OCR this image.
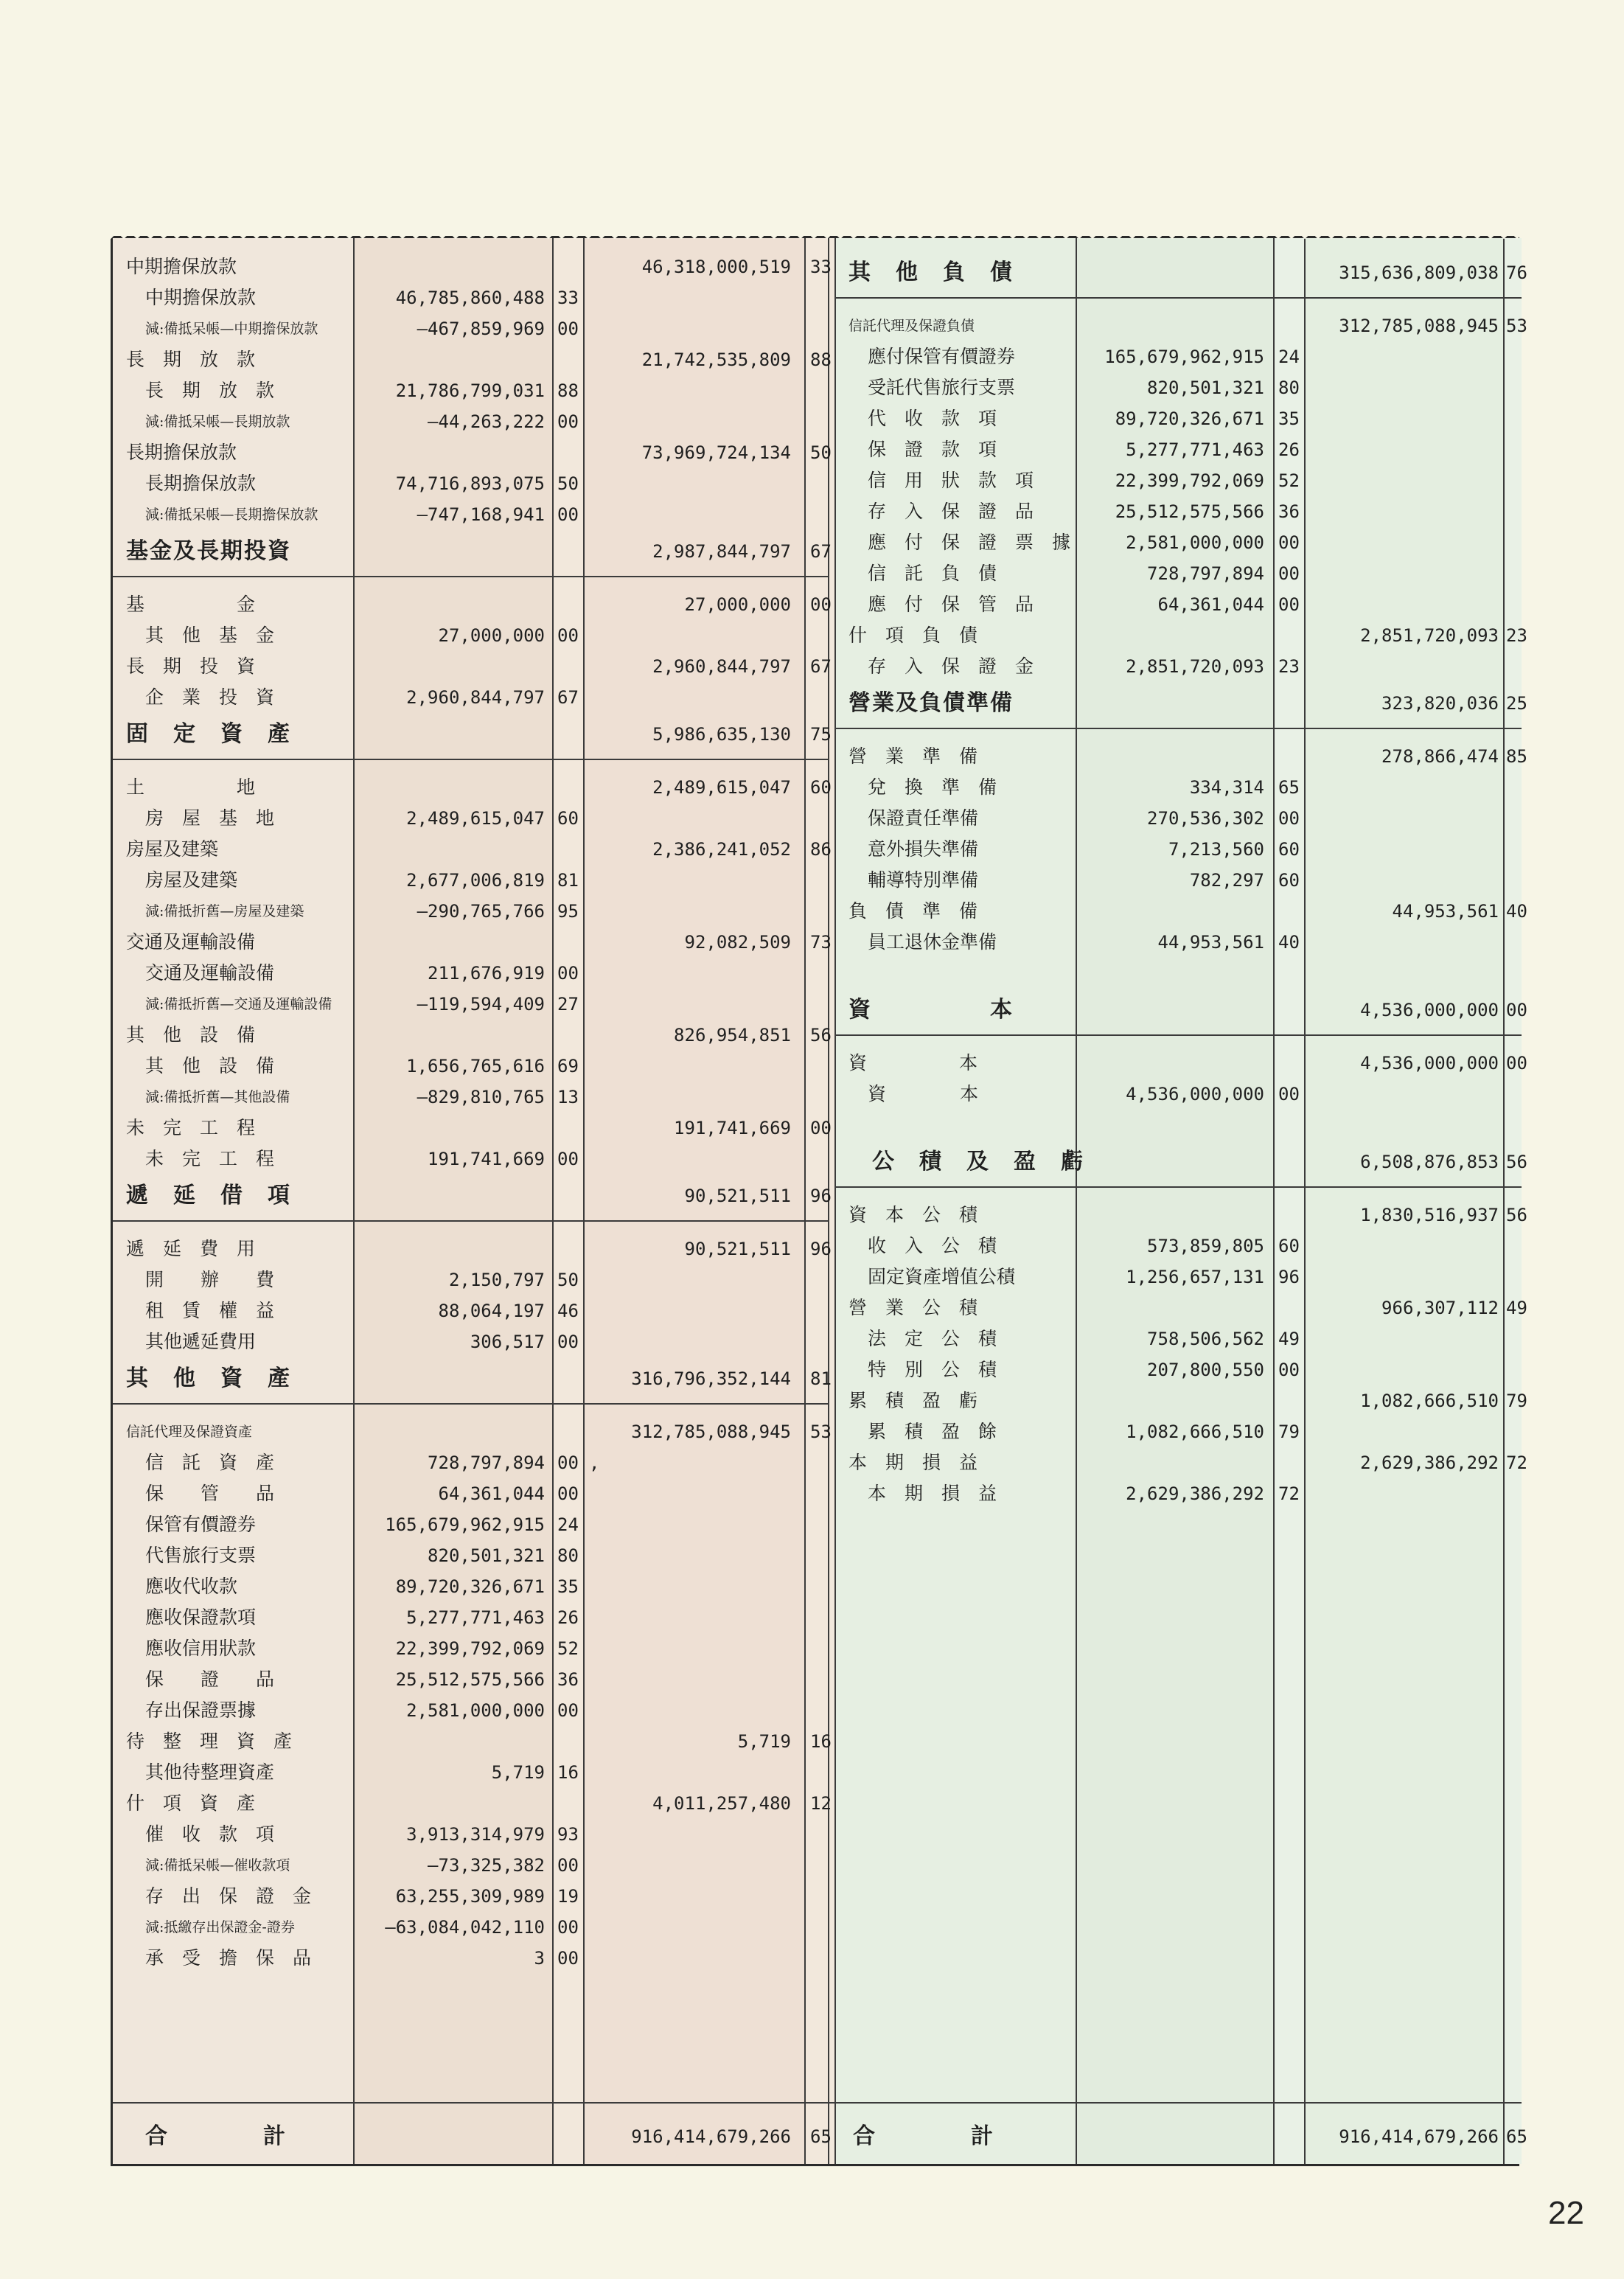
中期擔保放款	46,318,000,519 33
中期擔保放款	46,785,860,488 33
減:備抵呆帳—中期擔保放款	—467,859,969 00
長　期　放　款	21,742,535,809 88
長　期　放　款	21,786,799,031 88
減:備抵呆帳—長期放款	—44,263,222 00
長期擔保放款	73,969,724,134 50
長期擔保放款	74,716,893,075 50
減:備抵呆帳—長期擔保放款	—747,168,941 00
基金及長期投資	2,987,844,797 67
基　　　　　金	27,000,000 00
其　他　基　金	27,000,000 00
長　期　投　資	2,960,844,797 67
企　業　投　資	2,960,844,797 67
固　定　資　產	5,986,635,130 75
土　　　　　地	2,489,615,047 60
房　屋　基　地	2,489,615,047 60
房屋及建築	2,386,241,052 86
房屋及建築	2,677,006,819 81
減:備抵折舊—房屋及建築	—290,765,766 95
交通及運輸設備	92,082,509 73
交通及運輸設備	211,676,919 00
減:備抵折舊—交通及運輸設備	—119,594,409 27
其　他　設　備	826,954,851 56
其　他　設　備	1,656,765,616 69
減:備抵折舊—其他設備	—829,810,765 13
未　完　工　程	191,741,669 00
未　完　工　程	191,741,669 00
遞　延　借　項	90,521,511 96
遞　延　費　用	90,521,511 96
開　　辦　　費	2,150,797 50
租　賃　權　益	88,064,197 46
其他遞延費用	306,517 00
其　他　資　產	316,796,352,144 81
信託代理及保證資產	312,785,088,945 53
信　託　資　產	728,797,894 00 ,
保　　管　　品	64,361,044 00
保管有價證券	165,679,962,915 24
代售旅行支票	820,501,321 80
應收代收款	89,720,326,671 35
應收保證款項	5,277,771,463 26
應收信用狀款	22,399,792,069 52
保　　證　　品	25,512,575,566 36
存出保證票據	2,581,000,000 00
待　整　理　資　產	5,719 16
其他待整理資產	5,719 16
什　項　資　產	4,011,257,480 12
催　收　款　項	3,913,314,979 93
減:備抵呆帳—催收款項	—73,325,382 00
存　出　保　證　金	63,255,309,989 19
減:抵繳存出保證金-證券	—63,084,042,110 00
承　受　擔　保　品	3 00
其　他　負　債	315,636,809,038 76
信託代理及保證負債	312,785,088,945 53
應付保管有價證券	165,679,962,915 24
受託代售旅行支票	820,501,321 80
代　收　款　項	89,720,326,671 35
保　證　款　項	5,277,771,463 26
信　用　狀　款　項	22,399,792,069 52
存　入　保　證　品	25,512,575,566 36
應　付　保　證　票　據	2,581,000,000 00
信　託　負　債	728,797,894 00
應　付　保　管　品	64,361,044 00
什　項　負　債	2,851,720,093 23
存　入　保　證　金	2,851,720,093 23
營業及負債準備	323,820,036 25
營　業　準　備	278,866,474 85
兌　換　準　備	334,314 65
保證責任準備	270,536,302 00
意外損失準備	7,213,560 60
輔導特別準備	782,297 60
負　債　準　備	44,953,561 40
員工退休金準備	44,953,561 40
資　　　　　本	4,536,000,000 00
資　　　　　本	4,536,000,000 00
資　　　　本	4,536,000,000 00
公　積　及　盈　虧	6,508,876,853 56
資　本　公　積	1,830,516,937 56
收　入　公　積	573,859,805 60
固定資產增值公積	1,256,657,131 96
營　業　公　積	966,307,112 49
法　定　公　積	758,506,562 49
特　別　公　積	207,800,550 00
累　積　盈　虧	1,082,666,510 79
累　積　盈　餘	1,082,666,510 79
本　期　損　益	2,629,386,292 72
本　期　損　益	2,629,386,292 72
合　　　　計	916,414,679,266 65 合　　　　計	916,414,679,266 65
22
